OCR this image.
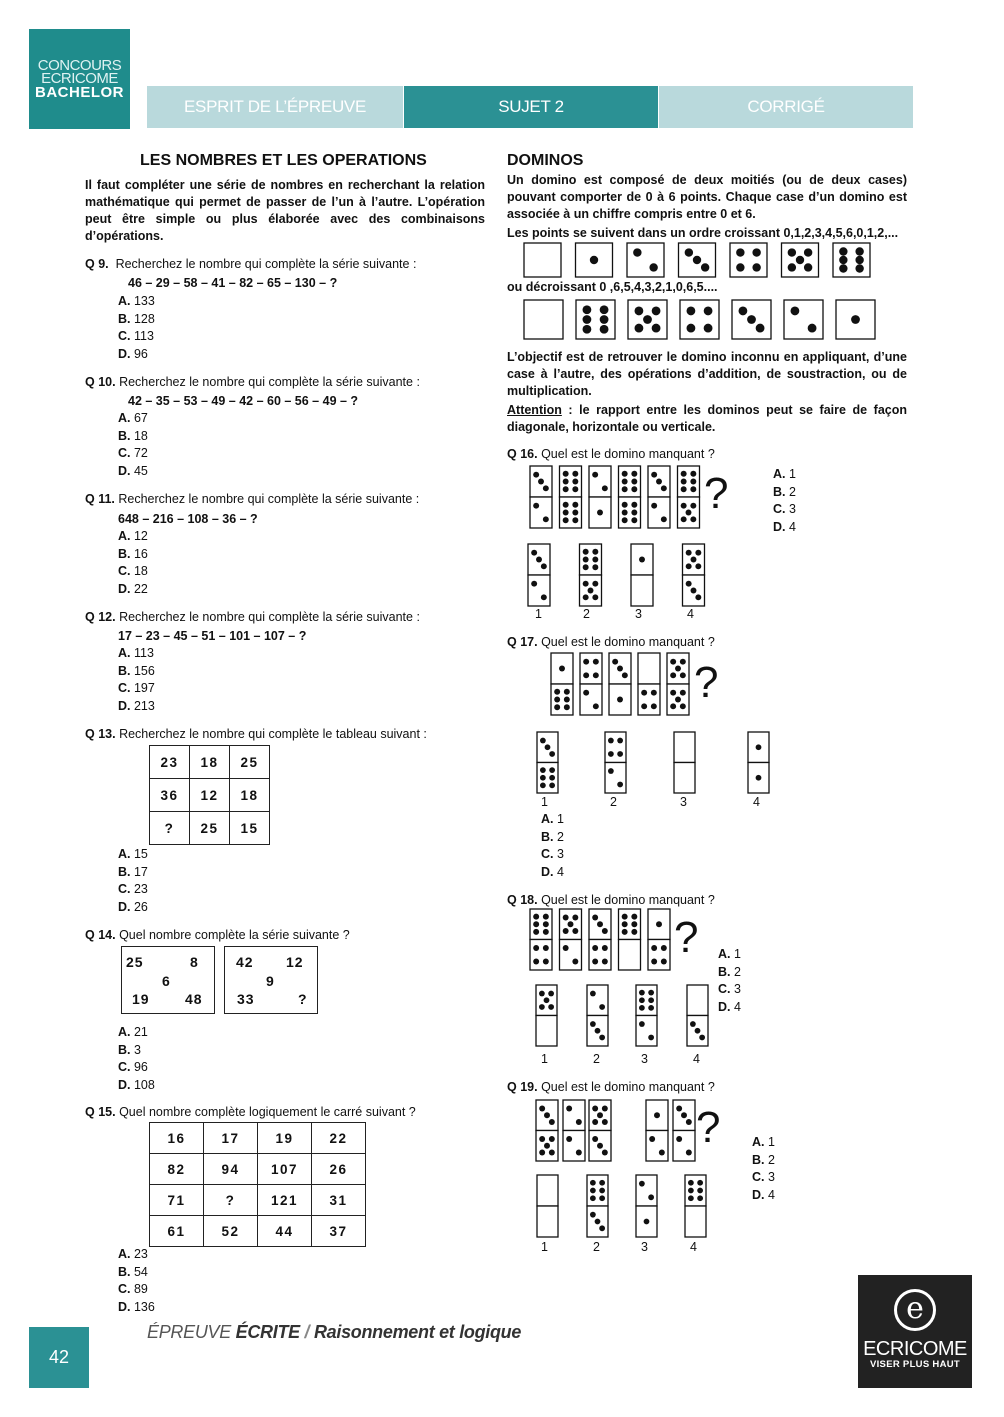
CONCOURS
ECRICOME
BACHELOR
ESPRIT DE L’ÉPREUVE	SUJET 2	CORRIGÉ
LES NOMBRES ET LES OPERATIONS
Il faut compléter une série de nombres en recherchant la relation mathématique qui permet de passer de l’un à l’autre. L’opération peut être simple ou plus élaborée avec des combinaisons d’opérations.
Q 9. Recherchez le nombre qui complète la série suivante :
46 – 29 – 58 – 41 – 82 – 65 – 130 – ?
A. 133
B. 128
C. 113
D. 96
Q 10. Recherchez le nombre qui complète la série suivante :
42 – 35 – 53 – 49 – 42 – 60 – 56 – 49 – ?
A. 67
B. 18
C. 72
D. 45
Q 11. Recherchez le nombre qui complète la série suivante :
648 – 216 – 108 – 36 – ?
A. 12
B. 16
C. 18
D. 22
Q 12. Recherchez le nombre qui complète la série suivante :
17 – 23 – 45 – 51 – 101 – 107 – ?
A. 113
B. 156
C. 197
D. 213
Q 13. Recherchez le nombre qui complète le tableau suivant :
23	18	25
36	12	18
?	25	15
A. 15
B. 17
C. 23
D. 26
Q 14. Quel nombre complète la série suivante ?
25	8
6
19	48
42 12
9
33	?
A. 21
B. 3
C. 96
D. 108
Q 15. Quel nombre complète logiquement le carré suivant ?
16	17	19	22
82	94	107	26
71	?	121	31
61	52	44	37
A. 23
B. 54
C. 89
D. 136
DOMINOS
Un domino est composé de deux moitiés (ou de deux cases) pouvant comporter de 0 à 6 points. Chaque case d’un domino est associée à un chiffre compris entre 0 et 6.
Les points se suivent dans un ordre croissant 0,1,2,3,4,5,6,0,1,2,...
ou décroissant 0 ,6,5,4,3,2,1,0,6,5....
L’objectif est de retrouver le domino inconnu en appliquant, d’une case à l’autre, des opérations d’addition, de soustraction, ou de multiplication.
Attention : le rapport entre les dominos peut se faire de façon diagonale, horizontale ou verticale.
Q 16. Quel est le domino manquant ?
?	A. 1
B. 2
C. 3
D. 4
1	2	3	4
Q 17. Quel est le domino manquant ?
?
1	2	3	4
A. 1
B. 2
C. 3
D. 4
Q 18. Quel est le domino manquant ?
? A. 1
B. 2
C. 3
D. 4
1	2	3	4
Q 19. Quel est le domino manquant ?
?	A. 1
B. 2
C. 3
D. 4
1	2	3	4
42
ÉPREUVE ÉCRITE / Raisonnement et logique
e
ECRICOME
VISER PLUS HAUT
